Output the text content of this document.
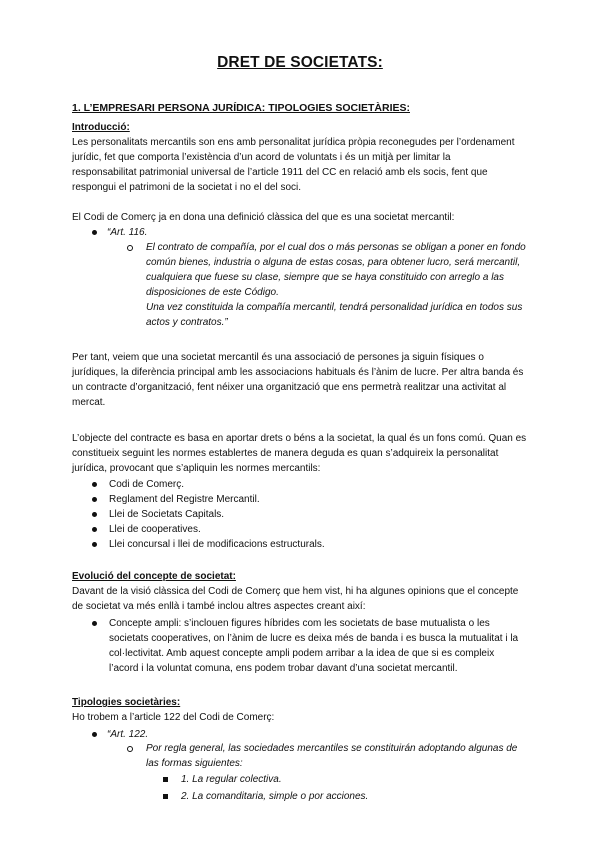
DRET DE SOCIETATS:
1. L’EMPRESARI PERSONA JURÍDICA: TIPOLOGIES SOCIETÀRIES:
Introducció:
Les personalitats mercantils son ens amb personalitat jurídica pròpia reconegudes per l’ordenament
jurídic, fet que comporta l’existència d’un acord de voluntats i és un mitjà per limitar la
responsabilitat patrimonial universal de l’article 1911 del CC en relació amb els socis, fent que
respongui el patrimoni de la societat i no el del soci.
El Codi de Comerç ja en dona una definició clàssica del que es una societat mercantil:
“Art. 116.
El contrato de compañía, por el cual dos o más personas se obligan a poner en fondo
común bienes, industria o alguna de estas cosas, para obtener lucro, será mercantil,
cualquiera que fuese su clase, siempre que se haya constituido con arreglo a las
disposiciones de este Código.
Una vez constituida la compañía mercantil, tendrá personalidad jurídica en todos sus
actos y contratos.”
Per tant, veiem que una societat mercantil és una associació de persones ja siguin físiques o
jurídiques, la diferència principal amb les associacions habituals és l’ànim de lucre. Per altra banda és
un contracte d’organització, fent néixer una organització que ens permetrà realitzar una activitat al
mercat.
L’objecte del contracte es basa en aportar drets o béns a la societat, la qual és un fons comú. Quan es
constitueix seguint les normes establertes de manera deguda es quan s’adquireix la personalitat
jurídica, provocant que s’apliquin les normes mercantils:
Codi de Comerç.
Reglament del Registre Mercantil.
Llei de Societats Capitals.
Llei de cooperatives.
Llei concursal i llei de modificacions estructurals.
Evolució del concepte de societat:
Davant de la visió clàssica del Codi de Comerç que hem vist, hi ha algunes opinions que el concepte
de societat va més enllà i també inclou altres aspectes creant així:
Concepte ampli: s’inclouen figures híbrides com les societats de base mutualista o les
societats cooperatives, on l’ànim de lucre es deixa més de banda i es busca la mutualitat i la
col·lectivitat. Amb aquest concepte ampli podem arribar a la idea de que si es compleix
l’acord i la voluntat comuna, ens podem trobar davant d’una societat mercantil.
Tipologies societàries:
Ho trobem a l’article 122 del Codi de Comerç:
“Art. 122.
Por regla general, las sociedades mercantiles se constituirán adoptando algunas de
las formas siguientes:
1. La regular colectiva.
2. La comanditaria, simple o por acciones.
